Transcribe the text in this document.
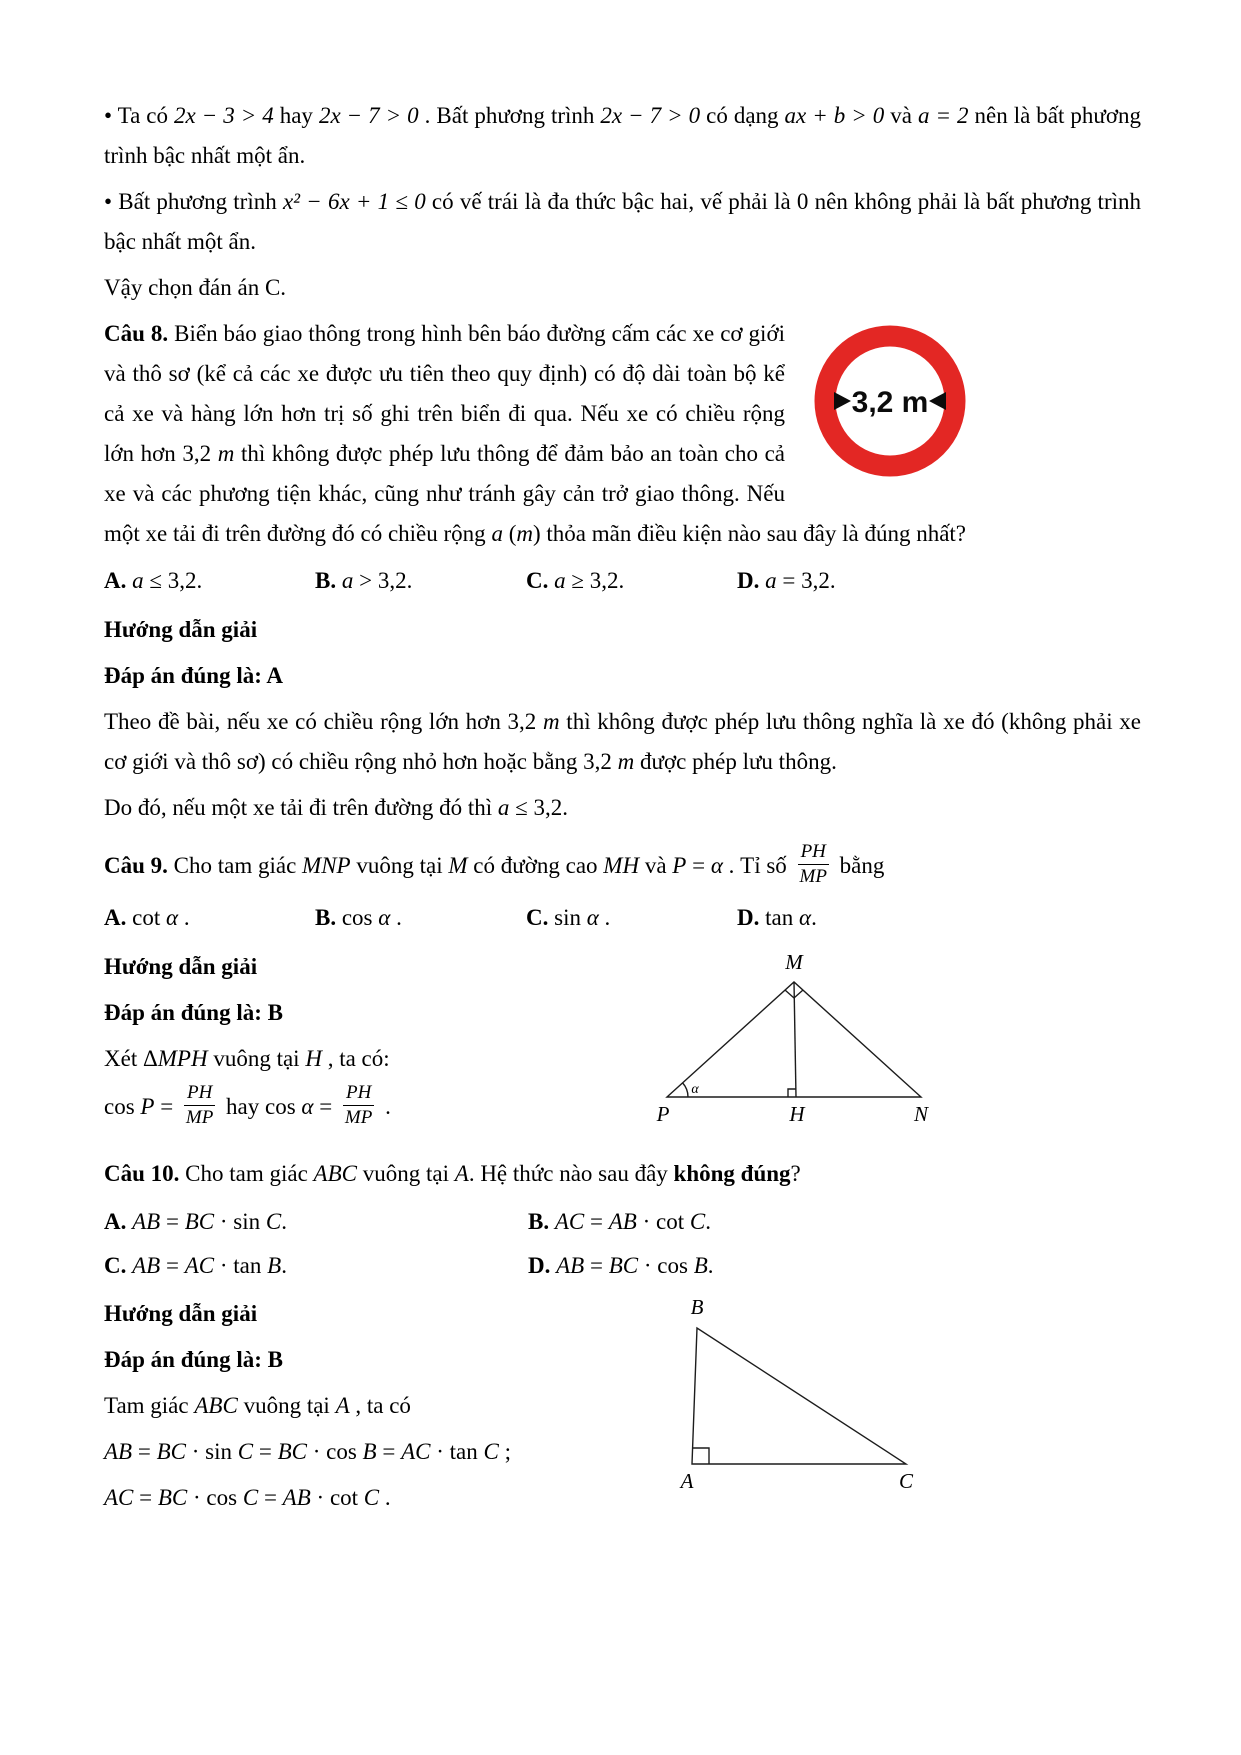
• Ta có 2x − 3 > 4 hay 2x − 7 > 0 . Bất phương trình 2x − 7 > 0 có dạng ax + b > 0 và a = 2 nên là bất phương trình bậc nhất một ẩn.

• Bất phương trình x² − 6x + 1 ≤ 0 có vế trái là đa thức bậc hai, vế phải là 0 nên không phải là bất phương trình bậc nhất một ẩn.

Vậy chọn đán án C.

3,2 m

Câu 8. Biển báo giao thông trong hình bên báo đường cấm các xe cơ giới và thô sơ (kể cả các xe được ưu tiên theo quy định) có độ dài toàn bộ kể cả xe và hàng lớn hơn trị số ghi trên biển đi qua. Nếu xe có chiều rộng lớn hơn 3,2 m thì không được phép lưu thông để đảm bảo an toàn cho cả xe và các phương tiện khác, cũng như tránh gây cản trở giao thông. Nếu một xe tải đi trên đường đó có chiều rộng a (m) thỏa mãn điều kiện nào sau đây là đúng nhất?

A. a ≤ 3,2.	B. a > 3,2.	C. a ≥ 3,2.	D. a = 3,2.

Hướng dẫn giải

Đáp án đúng là: A

Theo đề bài, nếu xe có chiều rộng lớn hơn 3,2 m thì không được phép lưu thông nghĩa là xe đó (không phải xe cơ giới và thô sơ) có chiều rộng nhỏ hơn hoặc bằng 3,2 m được phép lưu thông.

Do đó, nếu một xe tải đi trên đường đó thì a ≤ 3,2.

Câu 9. Cho tam giác MNP vuông tại M có đường cao MH và P = α . Tỉ số $\frac{PH}{MP}$ bằng

A. cot α .	B. cos α .	C. sin α .	D. tan α.

Hướng dẫn giải

Đáp án đúng là: B

Xét ΔMPH vuông tại H , ta có:

$\cos P = \frac{PH}{MP}$ hay $\cos \alpha = \frac{PH}{MP}$ .

M
P	H	N
α

Câu 10. Cho tam giác ABC vuông tại A. Hệ thức nào sau đây không đúng?

A. AB = BC · sin C.	B. AC = AB · cot C.
C. AB = AC · tan B.	D. AB = BC · cos B.

Hướng dẫn giải

Đáp án đúng là: B

Tam giác ABC vuông tại A , ta có

AB = BC · sin C = BC · cos B = AC · tan C ;

AC = BC · cos C = AB · cot C .

B
A	C
